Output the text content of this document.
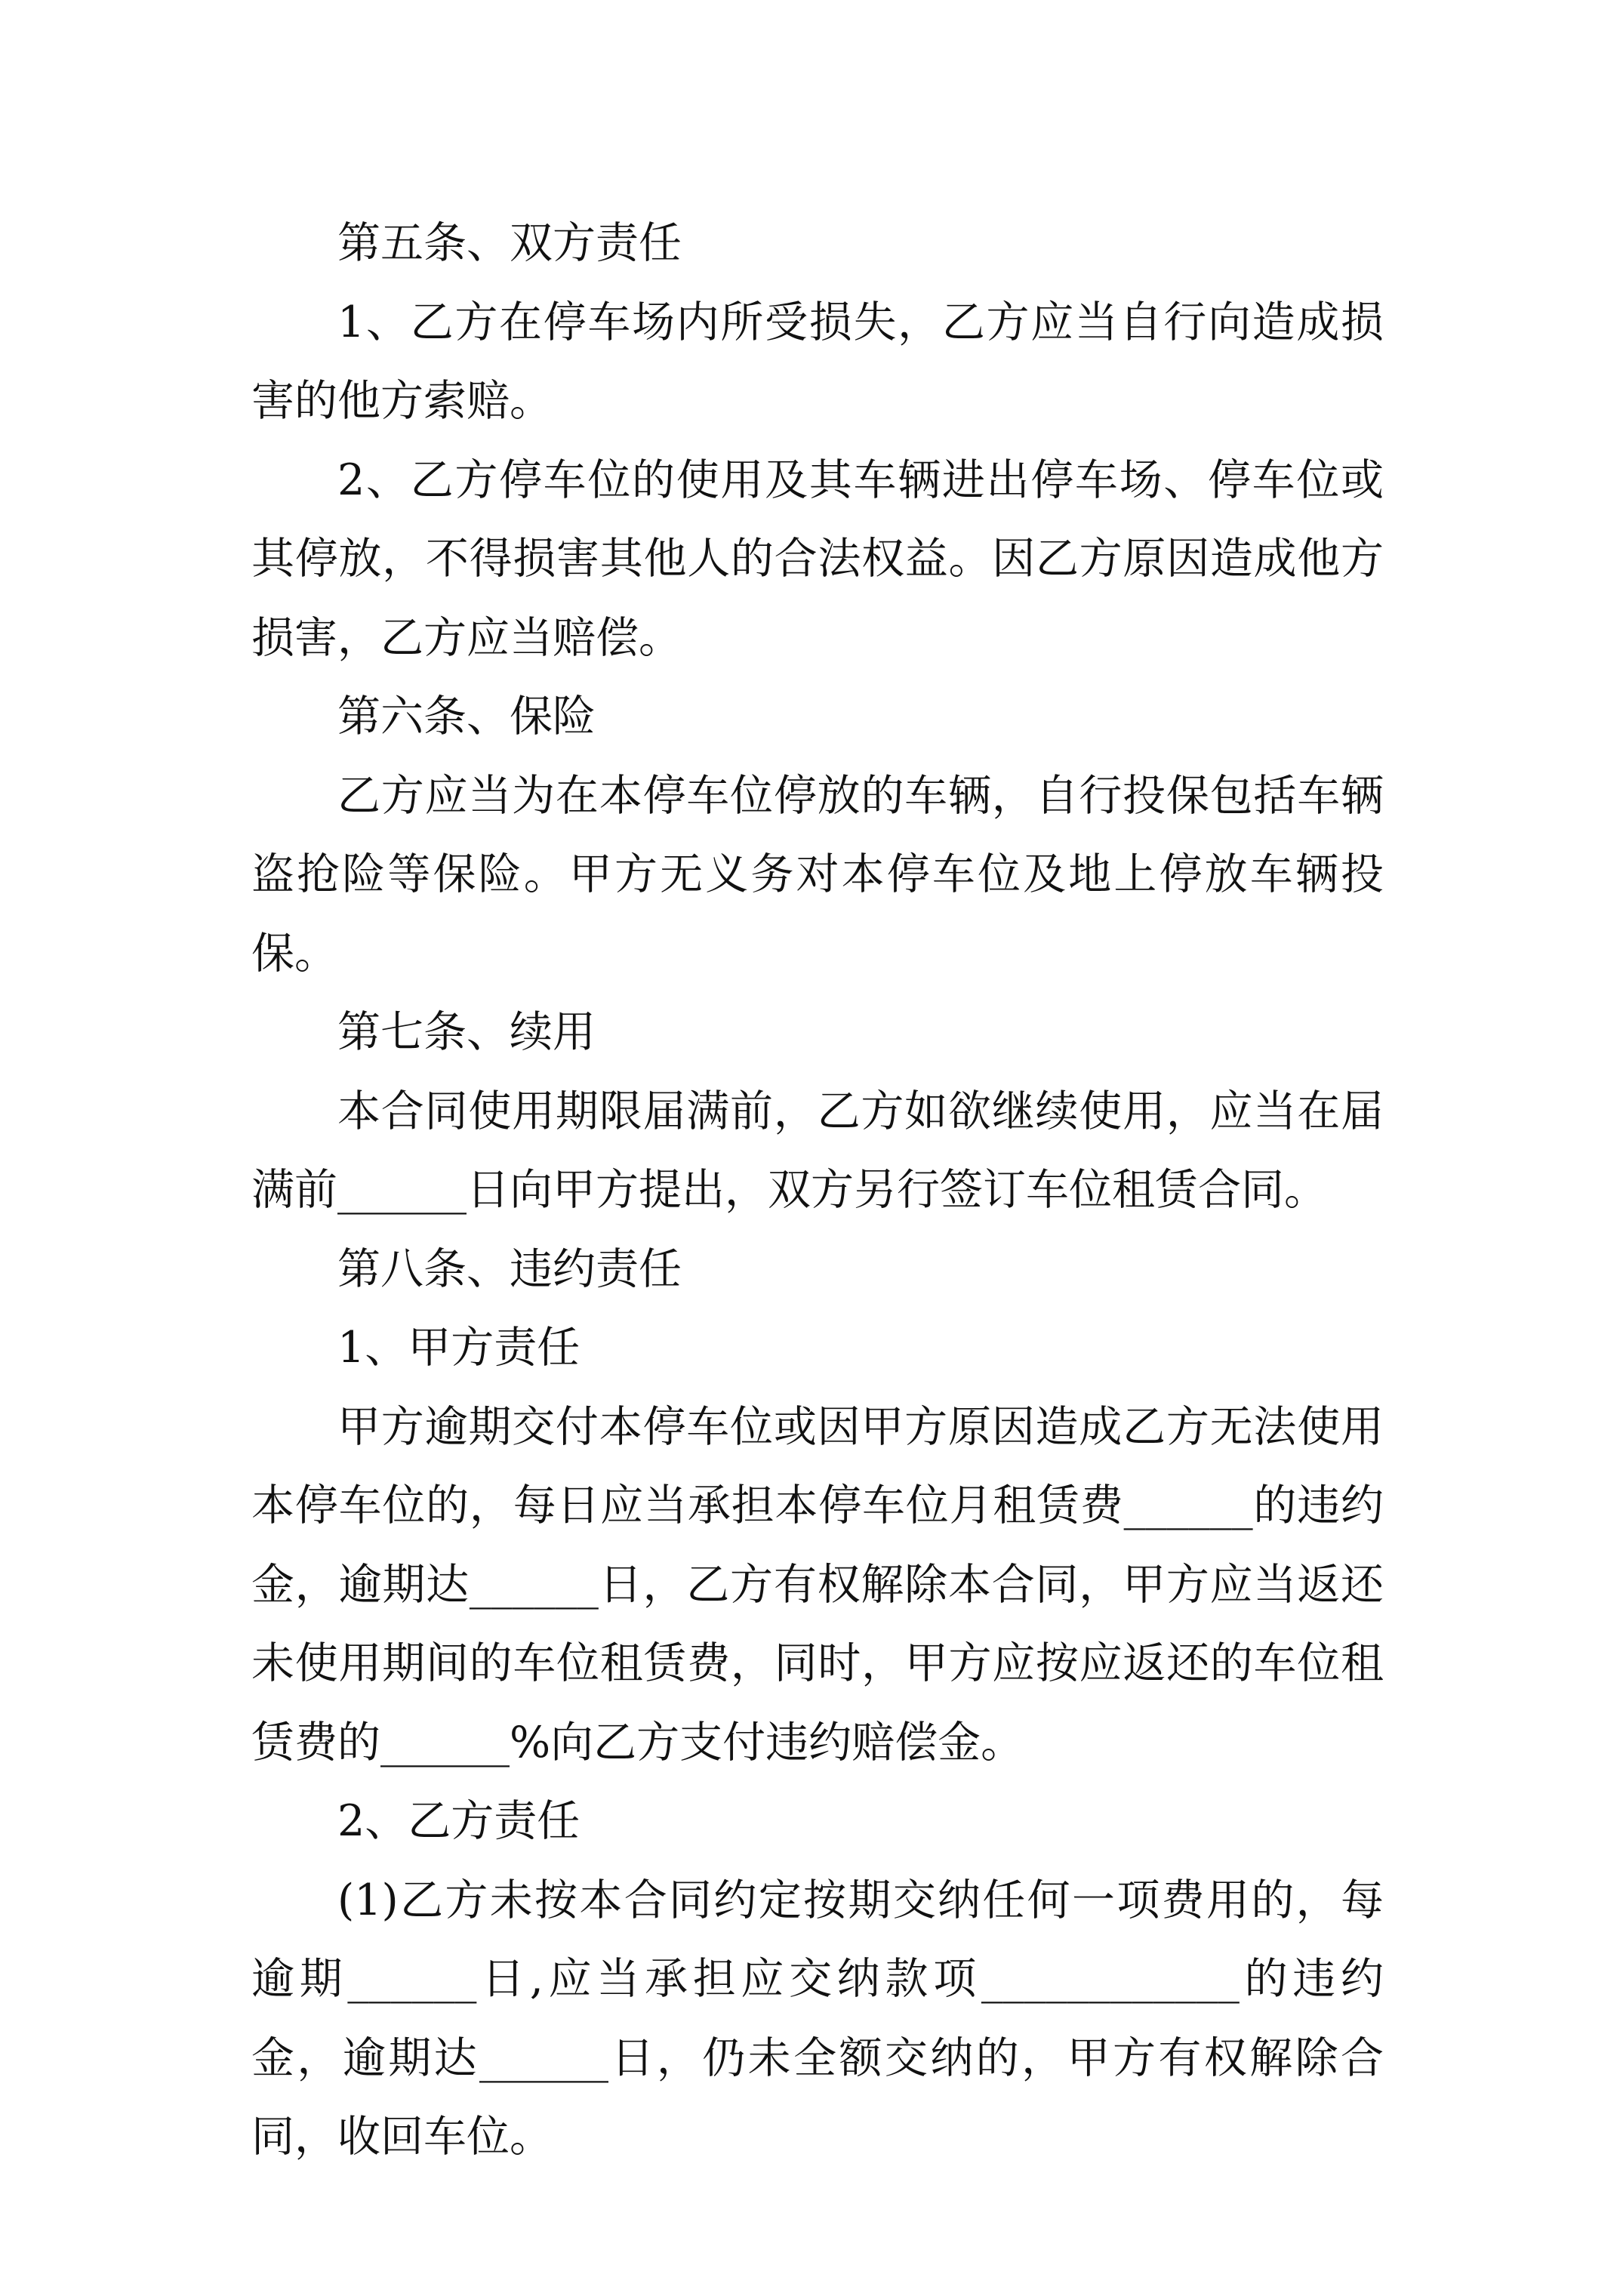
第五条、双方责任

1、乙方在停车场内所受损失，乙方应当自行向造成损害的他方索赔。

2、乙方停车位的使用及其车辆进出停车场、停车位或其停放，不得损害其他人的合法权益。因乙方原因造成他方损害，乙方应当赔偿。

第六条、保险

乙方应当为在本停车位停放的车辆，自行投保包括车辆盗抢险等保险。甲方无义务对本停车位及地上停放车辆投保。

第七条、续用

本合同使用期限届满前，乙方如欲继续使用，应当在届满前______日向甲方提出，双方另行签订车位租赁合同。

第八条、违约责任

1、甲方责任

甲方逾期交付本停车位或因甲方原因造成乙方无法使用本停车位的，每日应当承担本停车位月租赁费______的违约金，逾期达______日，乙方有权解除本合同，甲方应当返还未使用期间的车位租赁费，同时，甲方应按应返还的车位租赁费的______%向乙方支付违约赔偿金。

2、乙方责任

(1)乙方未按本合同约定按期交纳任何一项费用的，每逾期______日,应当承担应交纳款项____________的违约金，逾期达______日，仍未全额交纳的，甲方有权解除合同，收回车位。
